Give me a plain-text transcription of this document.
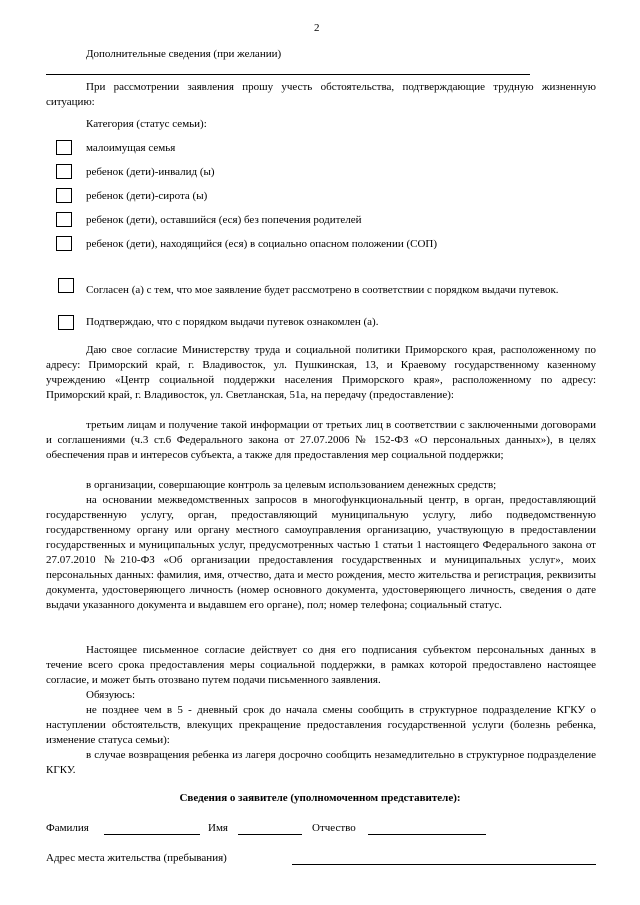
2
Дополнительные сведения (при желании)
При рассмотрении заявления прошу учесть обстоятельства, подтверждающие трудную жизненную ситуацию:
Категория (статус семьи):
малоимущая семья
ребенок (дети)-инвалид (ы)
ребенок (дети)-сирота (ы)
ребенок (дети), оставшийся (еся) без попечения родителей
ребенок (дети), находящийся (еся) в социально опасном положении (СОП)
Согласен (а) с тем, что мое заявление будет рассмотрено в соответствии с порядком выдачи путевок.
Подтверждаю, что с порядком выдачи путевок ознакомлен (а).
Даю свое согласие Министерству труда и социальной политики Приморского края, расположенному по адресу: Приморский край, г. Владивосток, ул. Пушкинская, 13, и Краевому государственному казенному учреждению «Центр социальной поддержки населения Приморского края», расположенному по адресу: Приморский край, г. Владивосток, ул. Светланская, 51а, на передачу (предоставление):
третьим лицам и получение такой информации от третьих лиц в соответствии с заключенными договорами и соглашениями (ч.3 ст.6 Федерального закона от 27.07.2006 № 152-ФЗ «О персональных данных»), в целях обеспечения прав и интересов субъекта, а также для предоставления мер социальной поддержки;
в организации, совершающие контроль за целевым использованием денежных средств;
на основании межведомственных запросов в многофункциональный центр, в орган, предоставляющий государственную услугу, орган, предоставляющий муниципальную услугу, либо подведомственную государственному органу или органу местного самоуправления организацию, участвующую в предоставлении государственных и муниципальных услуг, предусмотренных частью 1 статьи 1 настоящего Федерального закона от 27.07.2010 №210-ФЗ «Об организации предоставления государственных и муниципальных услуг», моих персональных данных: фамилия, имя, отчество, дата и место рождения, место жительства и регистрация, реквизиты документа, удостоверяющего личность (номер основного документа, удостоверяющего личность, сведения о дате выдачи указанного документа и выдавшем его органе), пол; номер телефона; социальный статус.
Настоящее письменное согласие действует со дня его подписания субъектом персональных данных в течение всего срока предоставления меры социальной поддержки, в рамках которой предоставлено настоящее согласие, и может быть отозвано путем подачи письменного заявления.
Обязуюсь:
не позднее чем в 5 - дневный срок до начала смены сообщить в структурное подразделение КГКУ о наступлении обстоятельств, влекущих прекращение предоставления государственной услуги (болезнь ребенка, изменение статуса семьи):
в случае возвращения ребенка из лагеря досрочно сообщить незамедлительно в структурное подразделение КГКУ.
Сведения о заявителе (уполномоченном представителе):
Фамилия	Имя	Отчество
Адрес места жительства (пребывания)
